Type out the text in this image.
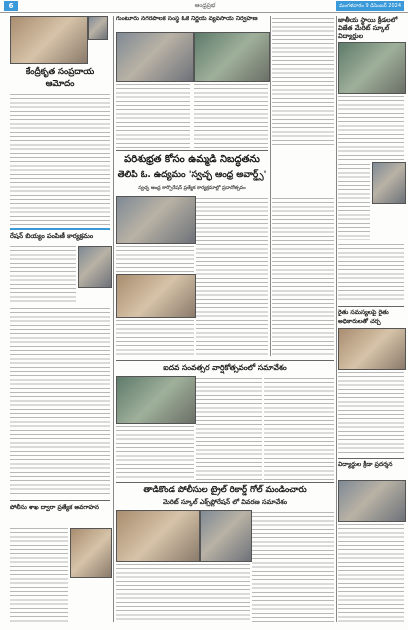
6	ఆంధ్రప్రభ	మంగళవారం 9 డిసెంబర్ 2024
కేంద్రీకృత సంప్రదాయ ఆమోదం
రేషన్ బియ్యం పంపిణీ కార్యక్రమం
పోలీసు శాఖ ద్వారా ప్రత్యేక అవగాహన
గుంటూరు నగరపాలక సంస్థ ఓకే నిర్ణయ వ్యవసాయ నిర్వహణ
పరిశుభ్రత కోసం ఉమ్మడి నిబద్ధతను
తెలిపి ఓ. ఉద్యమం 'స్వచ్ఛ ఆంధ్ర అవార్డ్స్'
స్వచ్ఛ ఆంధ్ర కార్పొరేషన్ ప్రత్యేక కార్యక్రమాల్లో ప్రదానోత్సవం
ఐదవ సంవత్సర వార్షికోత్సవంలో సమావేశం
తాడికొండ పోలీసుల ట్రైల్ రికార్డ్ గోల్ మండించారు
మెరిట్ స్కూల్ ఎక్స్‌ప్లోరేషన్ లో వివరణ సమావేశం
జాతీయ స్థాయి క్రీడలలో విజేత మేరిట్ స్కూల్ విద్యార్థుల
రైతు సమస్యలపై రైతు అధికారులతో చర్చ
విద్యార్థుల క్రీడా ప్రదర్శన
